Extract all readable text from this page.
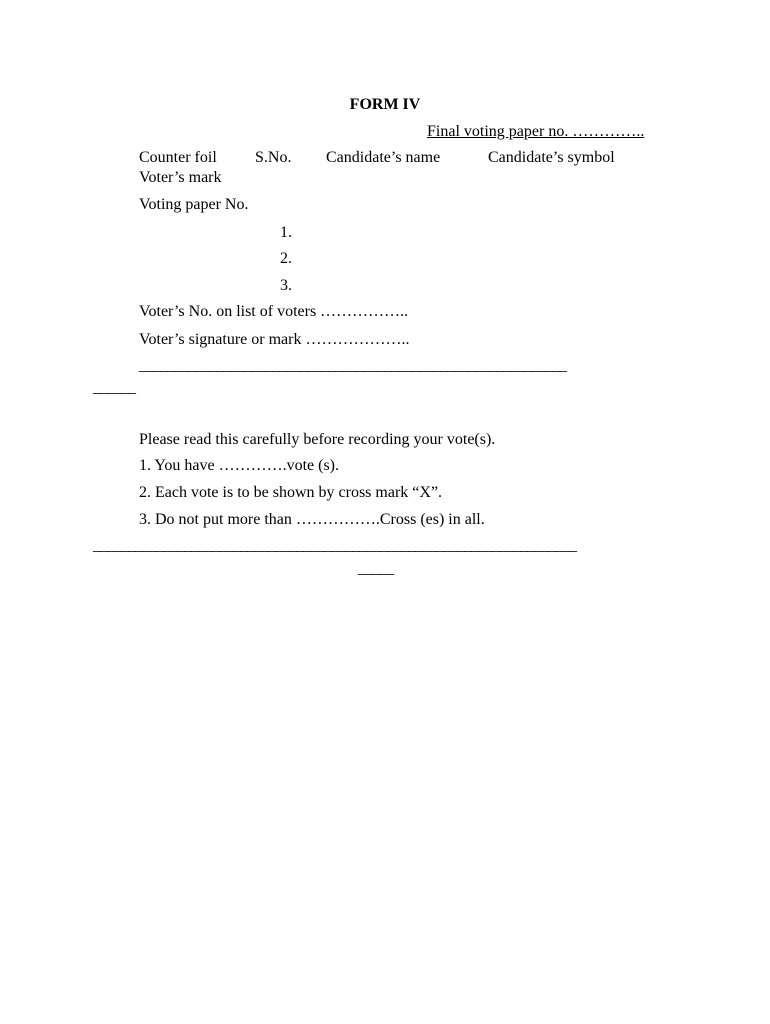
FORM IV
Final voting paper no. …………..
Counter foil S.No. Candidate’s name	Candidate’s symbol
Voter’s mark
Voting paper No.
1.
2.
3.
Voter’s No. on list of voters ……………..
Voter’s signature or mark ………………..
_____________________________________________________________
______
Please read this carefully before recording your vote(s).
1. You have ………….vote (s).
2. Each vote is to be shown by cross mark “X”.
3. Do not put more than …………….Cross (es) in all.
_____________________________________________________________________
_____
